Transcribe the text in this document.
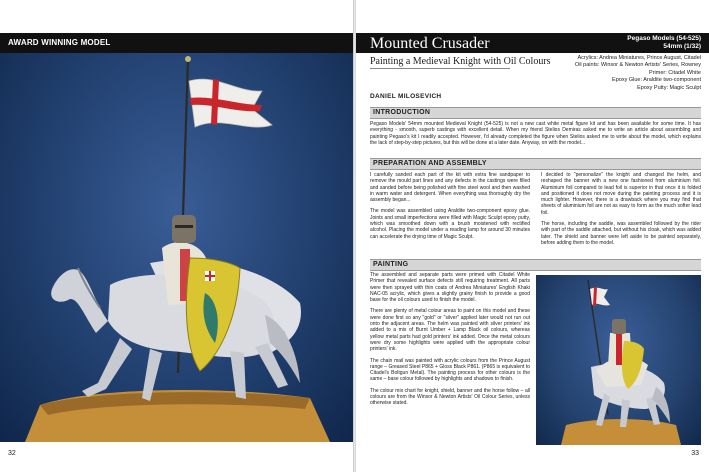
AWARD WINNING MODEL
32
Mounted Crusader	Pegaso Models (54-525)
54mm (1/32)
Painting a Medieval Knight with Oil Colours	Acrylics: Andrea Miniatures, Prince August, Citadel
Oil paints: Winsor & Newton Artists' Series, Rowney
Primer: Citadel White
Epoxy Glue: Araldite two-component
Epoxy Putty: Magic Sculpt
DANIEL MILOSEVICH
INTRODUCTION

Pegaso Models' 54mm mounted Medieval Knight (54-525) is not a new cast white metal figure kit and has been available for some time. It has everything - smooth, superb castings with excellent detail. When my friend Stelios Demiras asked me to write an article about assembling and painting Pegaso's kit I readily accepted. However, I'd already completed the figure when Stelios asked me to write about the model, which explains the lack of step-by-step pictures, but this will be done at a later date. Anyway, on with the model...

PREPARATION AND ASSEMBLY

I carefully sanded each part of the kit with extra fine sandpaper to remove the mould part lines and any defects in the castings were filled and sanded before being polished with fine steel wool and then washed in warm water and detergent. When everything was thoroughly dry the assembly began...

The model was assembled using Araldite two-component epoxy glue. Joints and small imperfections were filled with Magic Sculpt epoxy putty, which was smoothed down with a brush moistened with rectified alcohol. Placing the model under a reading lamp for around 30 minutes can accelerate the drying time of Magic Sculpt.

I decided to "personalize" the knight and changed the helm, and reshaped the banner with a new one fashioned from aluminium foil. Aluminium foil compared to lead foil is superior in that once it is folded and positioned it does not move during the painting process and it is much lighter. However, there is a drawback where you may find that sheets of aluminium foil are not as easy to form as the much softer lead foil.

The horse, including the saddle, was assembled followed by the rider with part of the saddle attached, but without his cloak, which was added later. The shield and banner were left aside to be painted separately, before adding them to the model.

PAINTING

The assembled and separate parts were primed with Citadel White Primer that revealed surface defects still requiring treatment. All parts were then sprayed with thin coats of Andrea Miniatures' English Khaki NAC-05 acrylic, which gives a slightly grainy finish to provide a good base for the oil colours used to finish the model.

There are plenty of metal colour areas to paint on this model and these were done first so any "gold" or "silver" applied later would not run out onto the adjacent areas. The helm was painted with silver printers' ink added to a mix of Burnt Umber + Lamp Black oil colours, whereas yellow metal parts had gold printers' ink added. Once the metal colours were dry some highlights were applied with the appropriate colour printers' ink.

The chain mail was painted with acrylic colours from the Prince August range – Greased Steel P865 + Gloss Black P861. (P865 is equivalent to Citadel's Boltgun Metal). The painting process for other colours is the same – base colour followed by highlights and shadows to finish.

The colour mix chart for knight, shield, banner and the horse follow – all colours are from the Winsor & Newton Artists' Oil Colour Series, unless otherwise stated.

33
